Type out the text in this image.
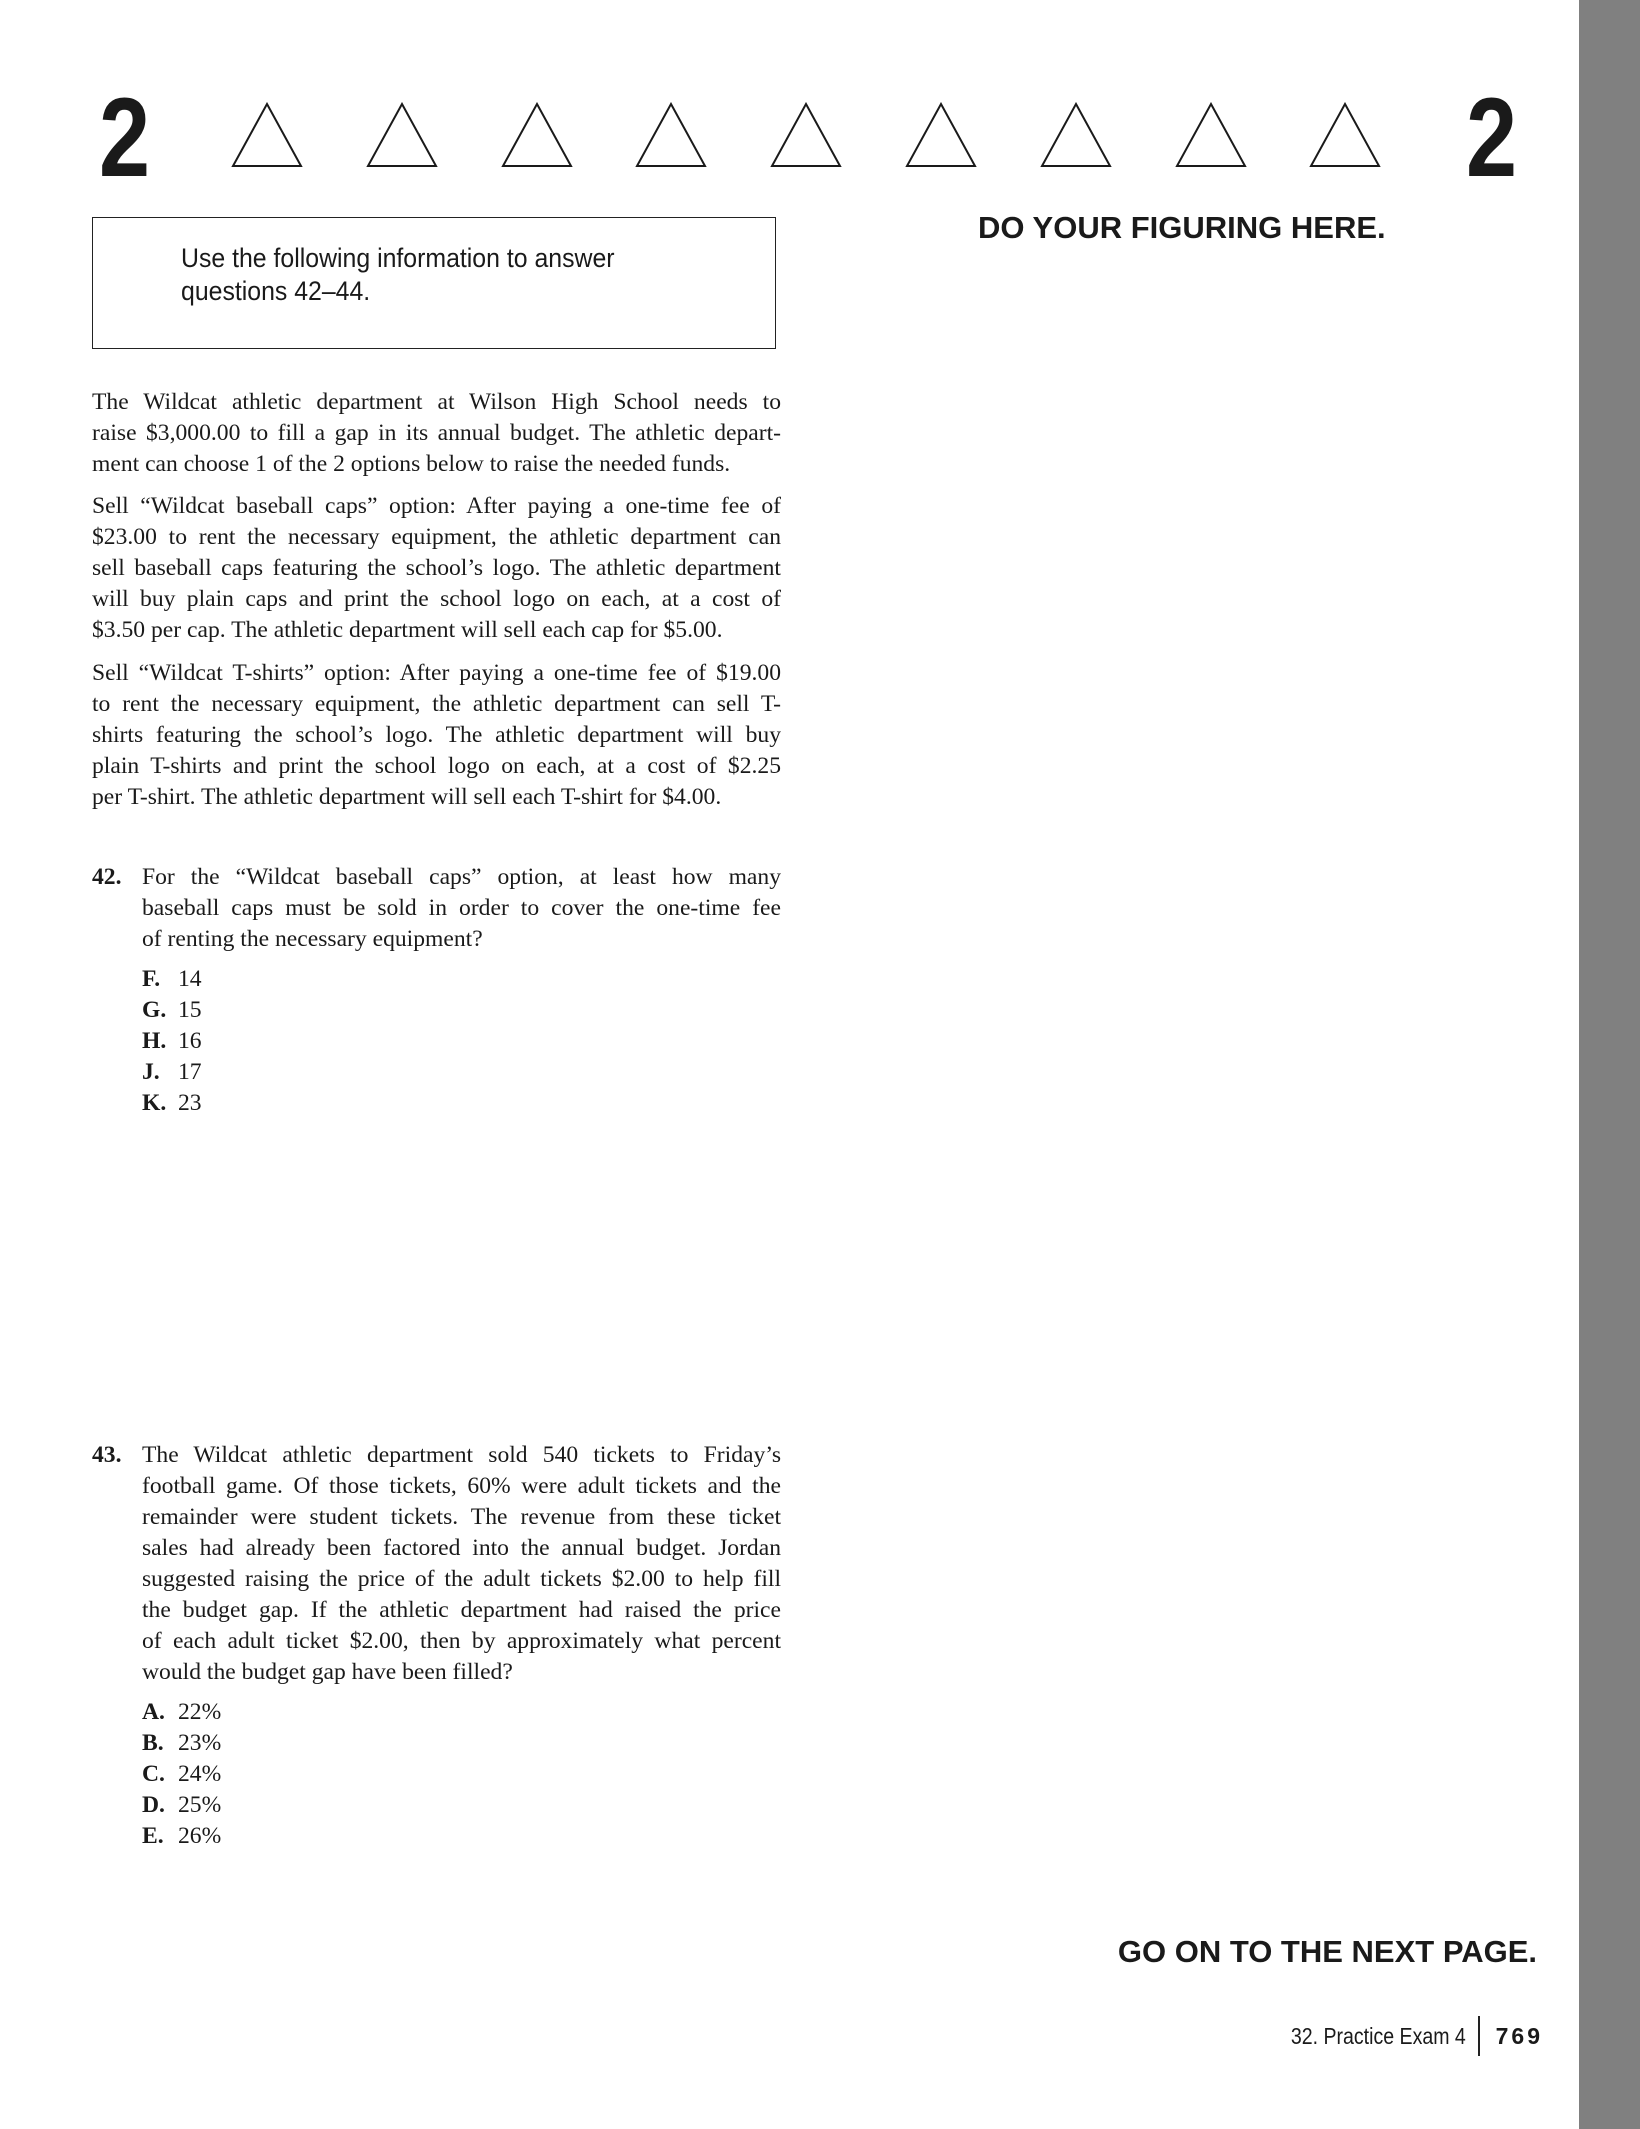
2	2
Use the following information to answer questions 42–44.
DO YOUR FIGURING HERE.
The Wildcat athletic department at Wilson High School needs to
raise $3,000.00 to fill a gap in its annual budget. The athletic depart-
ment can choose 1 of the 2 options below to raise the needed funds.
Sell “Wildcat baseball caps” option: After paying a one-time fee of
$23.00 to rent the necessary equipment, the athletic department can
sell baseball caps featuring the school’s logo. The athletic department
will buy plain caps and print the school logo on each, at a cost of
$3.50 per cap. The athletic department will sell each cap for $5.00.
Sell “Wildcat T-shirts” option: After paying a one-time fee of $19.00
to rent the necessary equipment, the athletic department can sell T-
shirts featuring the school’s logo. The athletic department will buy
plain T-shirts and print the school logo on each, at a cost of $2.25
per T-shirt. The athletic department will sell each T-shirt for $4.00.
42. For the “Wildcat baseball caps” option, at least how many
baseball caps must be sold in order to cover the one-time fee
of renting the necessary equipment?
F. 14
G. 15
H. 16
J. 17
K. 23
43. The Wildcat athletic department sold 540 tickets to Friday’s
football game. Of those tickets, 60% were adult tickets and the
remainder were student tickets. The revenue from these ticket
sales had already been factored into the annual budget. Jordan
suggested raising the price of the adult tickets $2.00 to help fill
the budget gap. If the athletic department had raised the price
of each adult ticket $2.00, then by approximately what percent
would the budget gap have been filled?
A. 22%
B. 23%
C. 24%
D. 25%
E. 26%
GO ON TO THE NEXT PAGE.
32. Practice Exam 4 769
